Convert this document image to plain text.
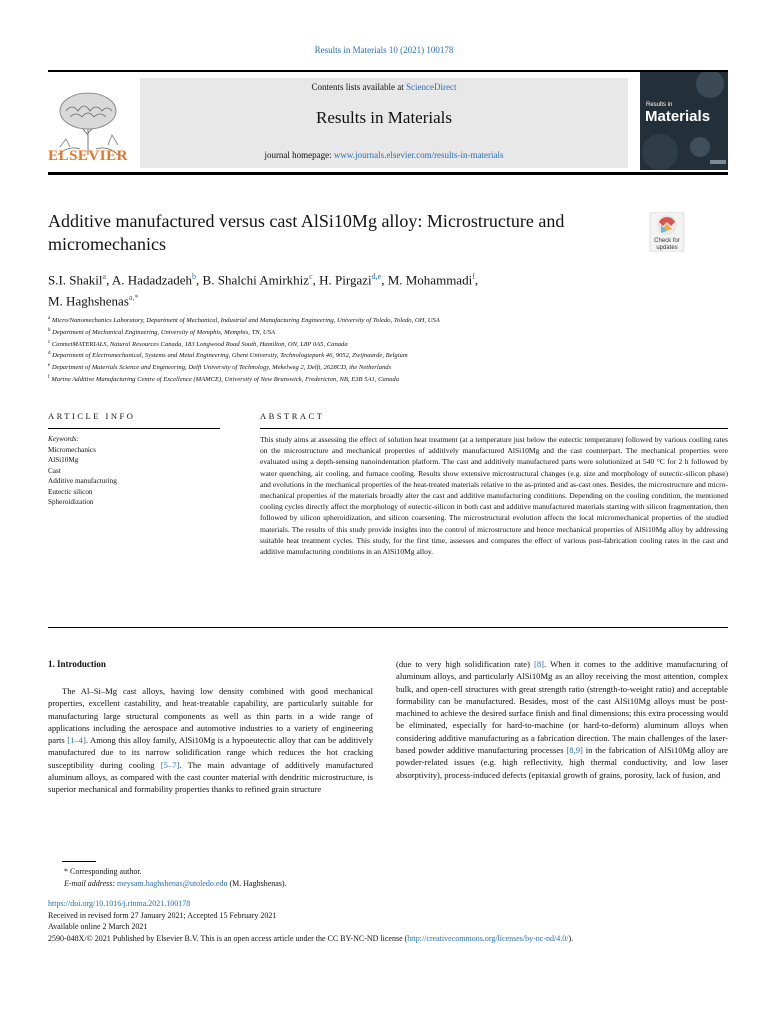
Results in Materials 10 (2021) 100178
ELSEVIER
Contents lists available at ScienceDirect
Results in Materials
journal homepage: www.journals.elsevier.com/results-in-materials
Results in
Materials
Additive manufactured versus cast AlSi10Mg alloy: Microstructure and micromechanics	Check for
updates
S.I. Shakil$^a$, A. Hadadzadeh$^b$, B. Shalchi Amirkhiz$^c$, H. Pirgazi$^{d,e}$, M. Mohammadi$^f$,
M. Haghshenas$^{a,*}$
$^a$ Micro/Nanomechanics Laboratory, Department of Mechanical, Industrial and Manufacturing Engineering, University of Toledo, Toledo, OH, USA
$^b$ Department of Mechanical Engineering, University of Memphis, Memphis, TN, USA
$^c$ CanmetMATERIALS, Natural Resources Canada, 183 Longwood Road South, Hamilton, ON, L8P 0A5, Canada
$^d$ Department of Electromechanical, Systems and Metal Engineering, Ghent University, Technologiepark 46, 9052, Zwijnaarde, Belgium
$^e$ Department of Materials Science and Engineering, Delft University of Technology, Mekelweg 2, Delft, 2628CD, the Netherlands
$^f$ Marine Additive Manufacturing Centre of Excellence (MAMCE), University of New Brunswick, Fredericton, NB, E3B 5A1, Canada
ARTICLE INFO	ABSTRACT
Keywords:
Micromechanics
AlSi10Mg
Cast
Additive manufacturing
Eutectic silicon
Spheroidization
This study aims at assessing the effect of solution heat treatment (at a temperature just below the eutectic temperature) followed by various cooling rates on the microstructure and mechanical properties of additively manufactured AlSi10Mg and the cast counterpart. The mechanical properties were evaluated using a depth-sensing nanoindentation platform. The cast and additively manufactured parts were solutionized at 540 °C for 2 h followed by water quenching, air cooling, and furnace cooling. Results show extensive microstructural changes (e.g. size and morphology of eutectic-silicon phase) and evolutions in the mechanical properties of the heat-treated materials relative to the as-printed and as-cast ones. Besides, the microstructure and micro-mechanical properties of the materials broadly alter the cast and additive manufacturing conditions. Depending on the cooling condition, the mentioned cooling cycles directly affect the morphology of eutectic-silicon in both cast and additive manufactured materials starting with silicon fragmentation, then followed by silicon spheroidization, and silicon coarsening. The microstructural evolution affects the local micromechanical properties of the studied materials. The results of this study provide insights into the control of microstructure and hence mechanical properties of AlSi10Mg alloy by addressing suitable heat treatment cycles. This study, for the first time, assesses and compares the effect of various post-fabrication cooling rates in the cast and additive manufacturing conditions in an AlSi10Mg alloy.
1. Introduction
The Al–Si–Mg cast alloys, having low density combined with good mechanical properties, excellent castability, and heat-treatable capability, are particularly suitable for manufacturing large structural components as well as thin parts in a wide range of applications including the aerospace and automotive industries to a variety of engineering parts [1–4]. Among this alloy family, AlSi10Mg is a hypoeutectic alloy that can be additively manufactured due to its narrow solidification range which reduces the hot cracking susceptibility during cooling [5–7]. The main advantage of additively manufactured aluminum alloys, as compared with the cast counter material with dendritic microstructure, is superior mechanical and formability properties thanks to refined grain structure
(due to very high solidification rate) [8]. When it comes to the additive manufacturing of aluminum alloys, and particularly AlSi10Mg as an alloy receiving the most attention, complex bulk, and open-cell structures with great strength ratio (strength-to-weight ratio) and acceptable formability can be manufactured. Besides, most of the cast AlSi10Mg alloys must be post-machined to achieve the desired surface finish and final dimensions; this extra processing would be eliminated, especially for hard-to-machine (or hard-to-deform) aluminum alloys when considering additive manufacturing as a fabrication direction. The main challenges of the laser-based powder additive manufacturing processes [8,9] in the fabrication of AlSi10Mg alloy are powder-related issues (e.g. high reflectivity, high thermal conductivity, and low laser absorptivity), process-induced defects (epitaxial growth of grains, porosity, lack of fusion, and
* Corresponding author.
E-mail address: meysam.haghshenas@utoledo.edu (M. Haghshenas).
https://doi.org/10.1016/j.rinma.2021.100178
Received in revised form 27 January 2021; Accepted 15 February 2021
Available online 2 March 2021
2590-048X/© 2021 Published by Elsevier B.V. This is an open access article under the CC BY-NC-ND license (http://creativecommons.org/licenses/by-nc-nd/4.0/).
